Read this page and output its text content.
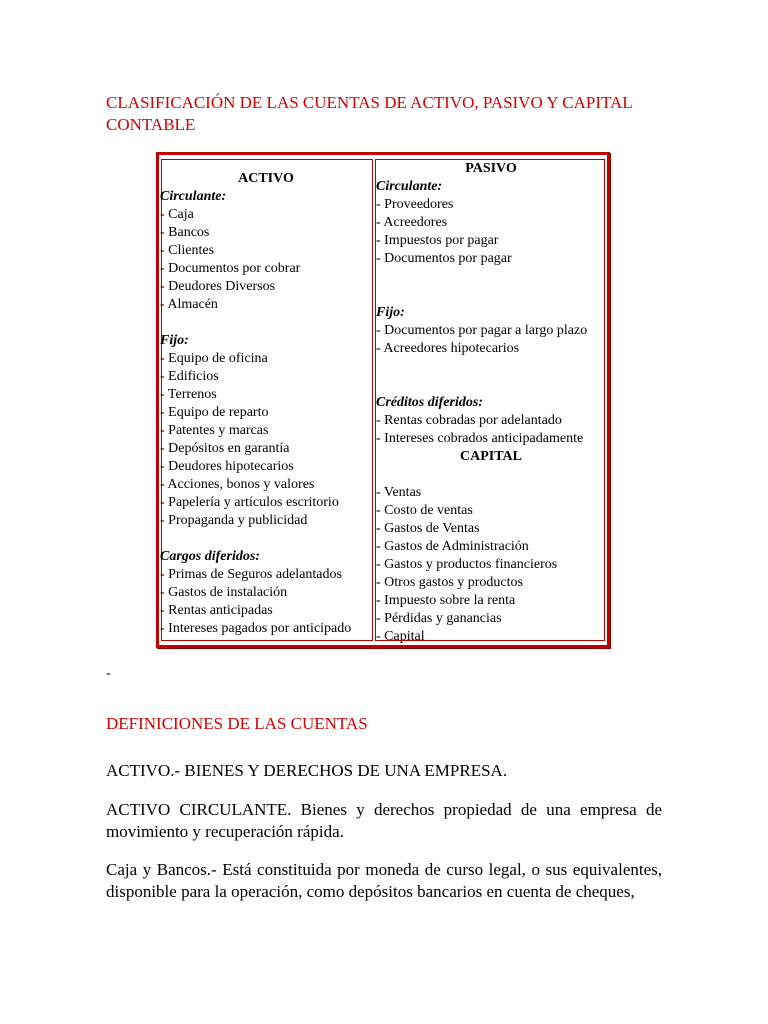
CLASIFICACIÓN DE LAS CUENTAS DE ACTIVO, PASIVO Y CAPITAL CONTABLE
ACTIVO
Circulante:
- Caja
- Bancos
- Clientes
- Documentos por cobrar
- Deudores Diversos
- Almacén
Fijo:
- Equipo de oficina
- Edificios
- Terrenos
- Equipo de reparto
- Patentes y marcas
- Depósitos en garantía
- Deudores hipotecarios
- Acciones, bonos y valores
- Papelería y artículos escritorio
- Propaganda y publicidad
Cargos diferidos:
- Primas de Seguros adelantados
- Gastos de instalación
- Rentas anticipadas
- Intereses pagados por anticipado
PASIVO
Circulante:
- Proveedores
- Acreedores
- Impuestos por pagar
- Documentos por pagar
Fijo:
- Documentos por pagar a largo plazo
- Acreedores hipotecarios
Créditos diferidos:
- Rentas cobradas por adelantado
- Intereses cobrados anticipadamente
CAPITAL
- Ventas
- Costo de ventas
- Gastos de Ventas
- Gastos de Administración
- Gastos y productos financieros
- Otros gastos y productos
- Impuesto sobre la renta
- Pérdidas y ganancias
- Capital
-
DEFINICIONES DE LAS CUENTAS

ACTIVO.- BIENES Y DERECHOS DE UNA EMPRESA.

ACTIVO CIRCULANTE. Bienes y derechos propiedad de una empresa de movimiento y recuperación rápida.

Caja y Bancos.- Está constituida por moneda de curso legal, o sus equivalentes, disponible para la operación, como depósitos bancarios en cuenta de cheques,
